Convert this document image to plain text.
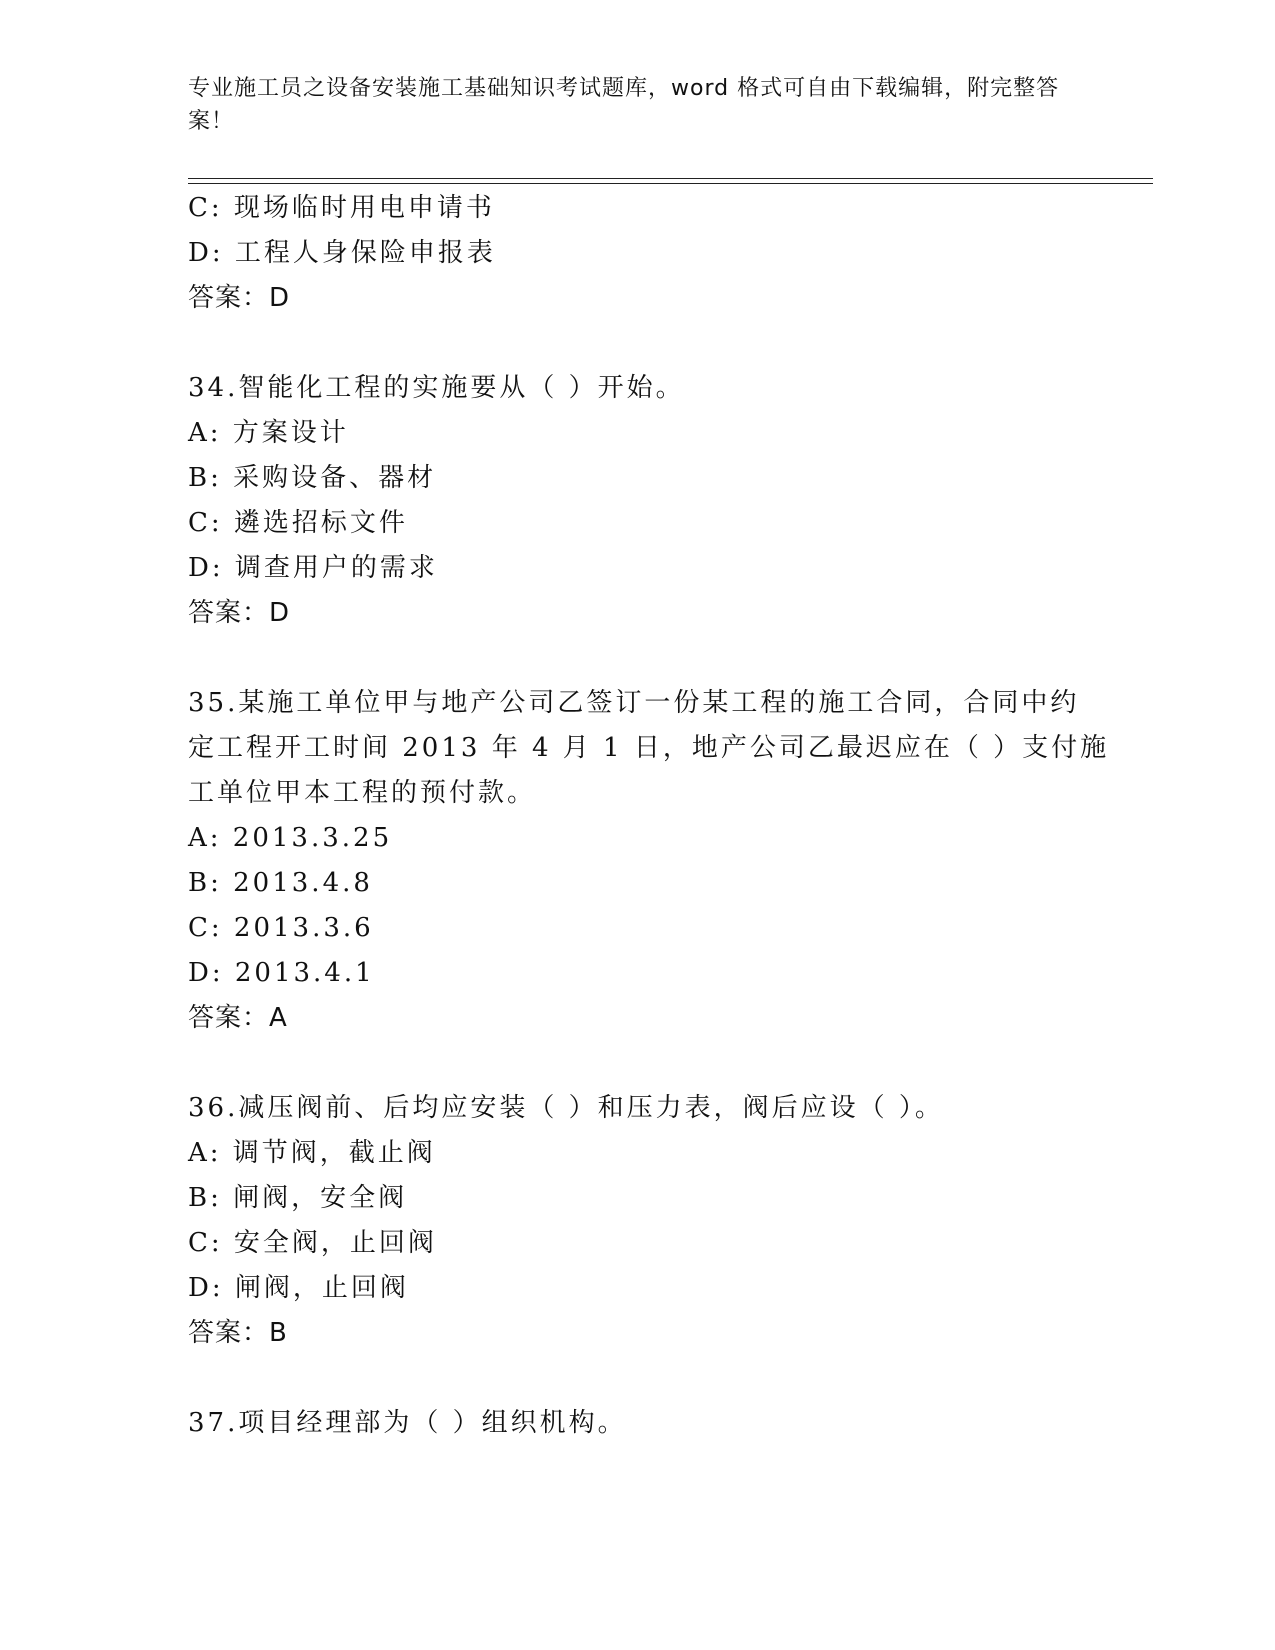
专业施工员之设备安装施工基础知识考试题库，word 格式可自由下载编辑，附完整答案！
C: 现场临时用电申请书
D: 工程人身保险申报表
答案：D
34.智能化工程的实施要从（ ）开始。
A: 方案设计
B: 采购设备、器材
C: 遴选招标文件
D: 调查用户的需求
答案：D
35.某施工单位甲与地产公司乙签订一份某工程的施工合同，合同中约
定工程开工时间 2013 年 4 月 1 日，地产公司乙最迟应在（ ）支付施
工单位甲本工程的预付款。
A: 2013.3.25
B: 2013.4.8
C: 2013.3.6
D: 2013.4.1
答案：A
36.减压阀前、后均应安装（ ）和压力表，阀后应设（ ）。
A: 调节阀，截止阀
B: 闸阀，安全阀
C: 安全阀，止回阀
D: 闸阀，止回阀
答案：B
37.项目经理部为（ ）组织机构。
